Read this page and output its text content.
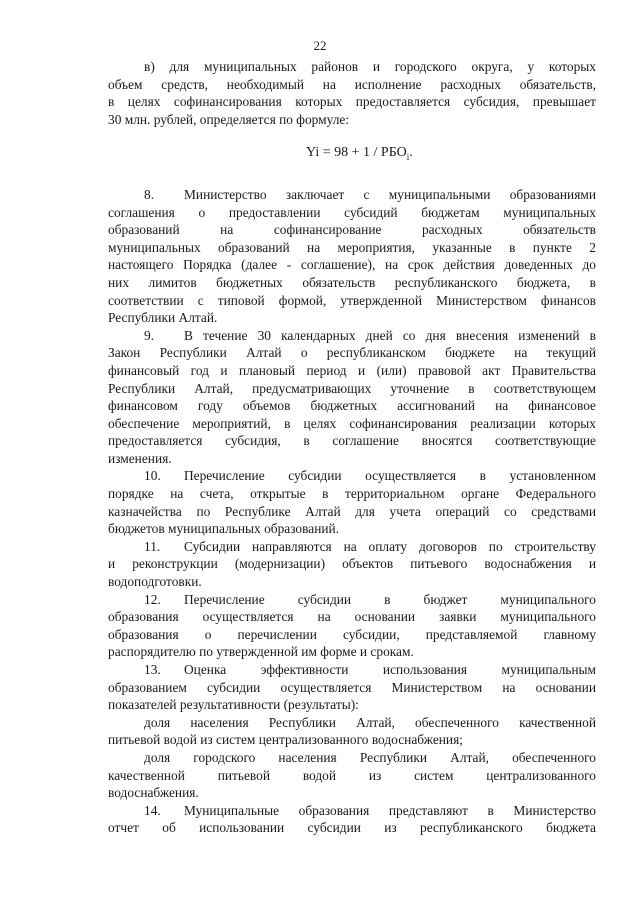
22
в) для муниципальных районов и городского округа, у которых
объем средств, необходимый на исполнение расходных обязательств,
в целях софинансирования которых предоставляется субсидия, превышает
30 млн. рублей, определяется по формуле:
$Yi = 98 + 1 / РБО_i$.
8. Министерство заключает с муниципальными образованиями
соглашения о предоставлении субсидий бюджетам муниципальных
образований на софинансирование расходных обязательств
муниципальных образований на мероприятия, указанные в пункте 2
настоящего Порядка (далее - соглашение), на срок действия доведенных до
них лимитов бюджетных обязательств республиканского бюджета, в
соответствии с типовой формой, утвержденной Министерством финансов
Республики Алтай.
9. В течение 30 календарных дней со дня внесения изменений в
Закон Республики Алтай о республиканском бюджете на текущий
финансовый год и плановый период и (или) правовой акт Правительства
Республики Алтай, предусматривающих уточнение в соответствующем
финансовом году объемов бюджетных ассигнований на финансовое
обеспечение мероприятий, в целях софинансирования реализации которых
предоставляется субсидия, в соглашение вносятся соответствующие
изменения.
10. Перечисление субсидии осуществляется в установленном
порядке на счета, открытые в территориальном органе Федерального
казначейства по Республике Алтай для учета операций со средствами
бюджетов муниципальных образований.
11. Субсидии направляются на оплату договоров по строительству
и реконструкции (модернизации) объектов питьевого водоснабжения и
водоподготовки.
12. Перечисление субсидии в бюджет муниципального
образования осуществляется на основании заявки муниципального
образования о перечислении субсидии, представляемой главному
распорядителю по утвержденной им форме и срокам.
13. Оценка эффективности использования муниципальным
образованием субсидии осуществляется Министерством на основании
показателей результативности (результаты):
доля населения Республики Алтай, обеспеченного качественной
питьевой водой из систем централизованного водоснабжения;
доля городского населения Республики Алтай, обеспеченного
качественной питьевой водой из систем централизованного
водоснабжения.
14. Муниципальные образования представляют в Министерство
отчет об использовании субсидии из республиканского бюджета
